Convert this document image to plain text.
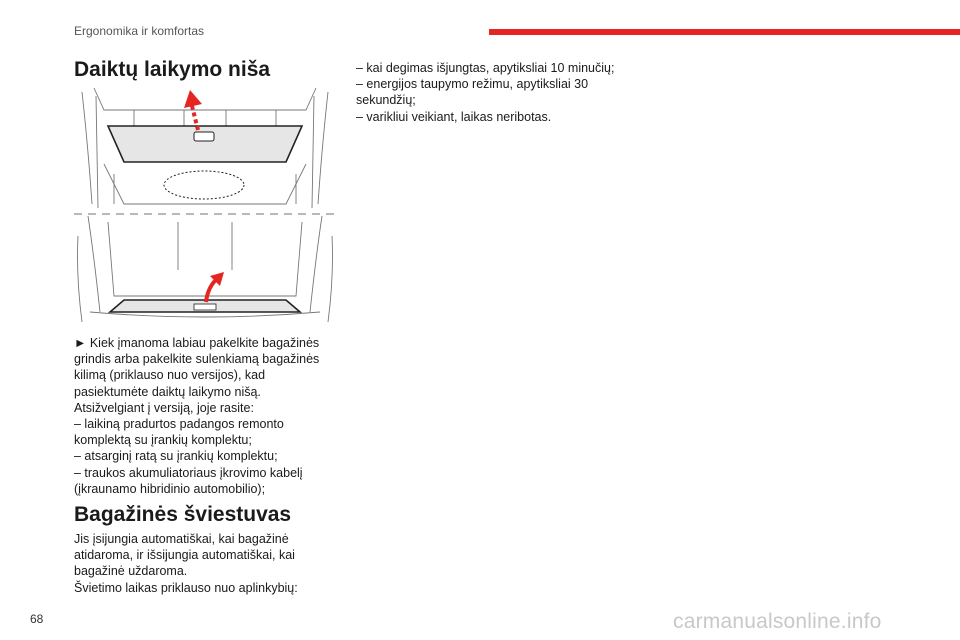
Ergonomika ir komfortas
Daiktų laikymo niša

► Kiek įmanoma labiau pakelkite bagažinės grindis arba pakelkite sulenkiamą bagažinės kilimą (priklauso nuo versijos), kad pasiektumėte daiktų laikymo nišą.

Atsižvelgiant į versiją, joje rasite:

– laikiną pradurtos padangos remonto komplektą su įrankių komplektu;

– atsarginį ratą su įrankių komplektu;

– traukos akumuliatoriaus įkrovimo kabelį (įkraunamo hibridinio automobilio);

Bagažinės šviestuvas

Jis įsijungia automatiškai, kai bagažinė atidaroma, ir išsijungia automatiškai, kai bagažinė uždaroma.

Švietimo laikas priklauso nuo aplinkybių:

– kai degimas išjungtas, apytiksliai 10 minučių;

– energijos taupymo režimu, apytiksliai 30 sekundžių;

– varikliui veikiant, laikas neribotas.

68	carmanualsonline.info
